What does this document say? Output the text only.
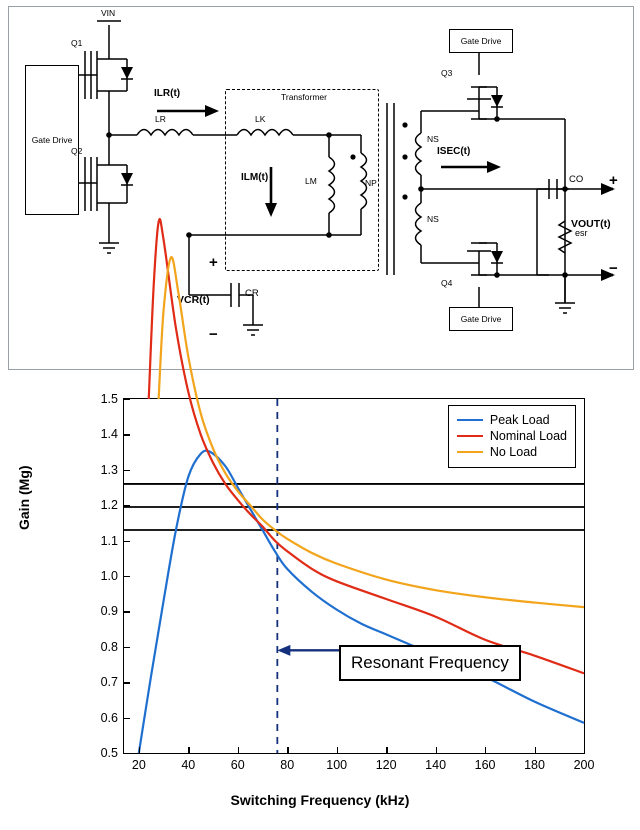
Gate Drive
Gate Drive
Gate Drive
VIN
Q1
Q2
Q3
Q4
ILR(t)
ILM(t)
ISEC(t)
LR	LK
LM	NP
NS
NS
Transformer
CR
VCR(t)
CO
esr
VOUT(t)
+
−
+
−
Gain (Mg)
Switching Frequency (kHz)
Peak Load
Nominal Load
No Load
Resonant Frequency
0.5
0.6
0.7
0.8
0.9
1.0
1.1
1.2
1.3
1.4
1.5
20	40	60	80	100 120 140 160 180 200
